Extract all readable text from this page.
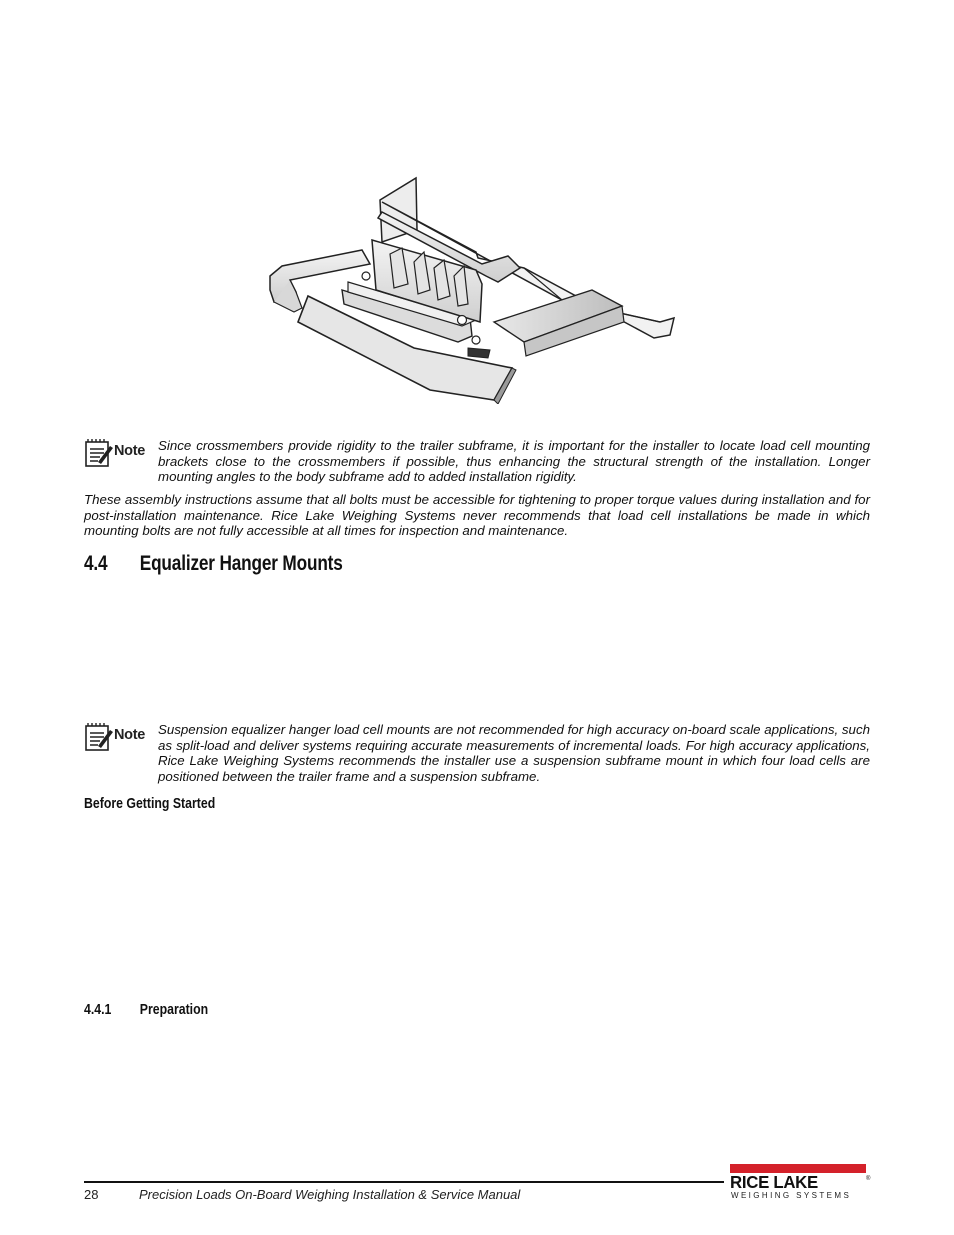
Note Since crossmembers provide rigidity to the trailer subframe, it is important for the installer to locate load cell mounting brackets close to the crossmembers if possible, thus enhancing the structural strength of the installation. Longer mounting angles to the body subframe add to added installation rigidity.
These assembly instructions assume that all bolts must be accessible for tightening to proper torque values during installation and for post-installation maintenance. Rice Lake Weighing Systems never recommends that load cell installations be made in which mounting bolts are not fully accessible at all times for inspection and maintenance.
4.4 Equalizer Hanger Mounts
Note Suspension equalizer hanger load cell mounts are not recommended for high accuracy on-board scale applications, such as split-load and deliver systems requiring accurate measurements of incremental loads. For high accuracy applications, Rice Lake Weighing Systems recommends the installer use a suspension subframe mount in which four load cells are positioned between the trailer frame and a suspension subframe.
Before Getting Started
4.4.1 Preparation
28	Precision Loads On-Board Weighing Installation & Service Manual
RICE LAKE	®
WEIGHING SYSTEMS
